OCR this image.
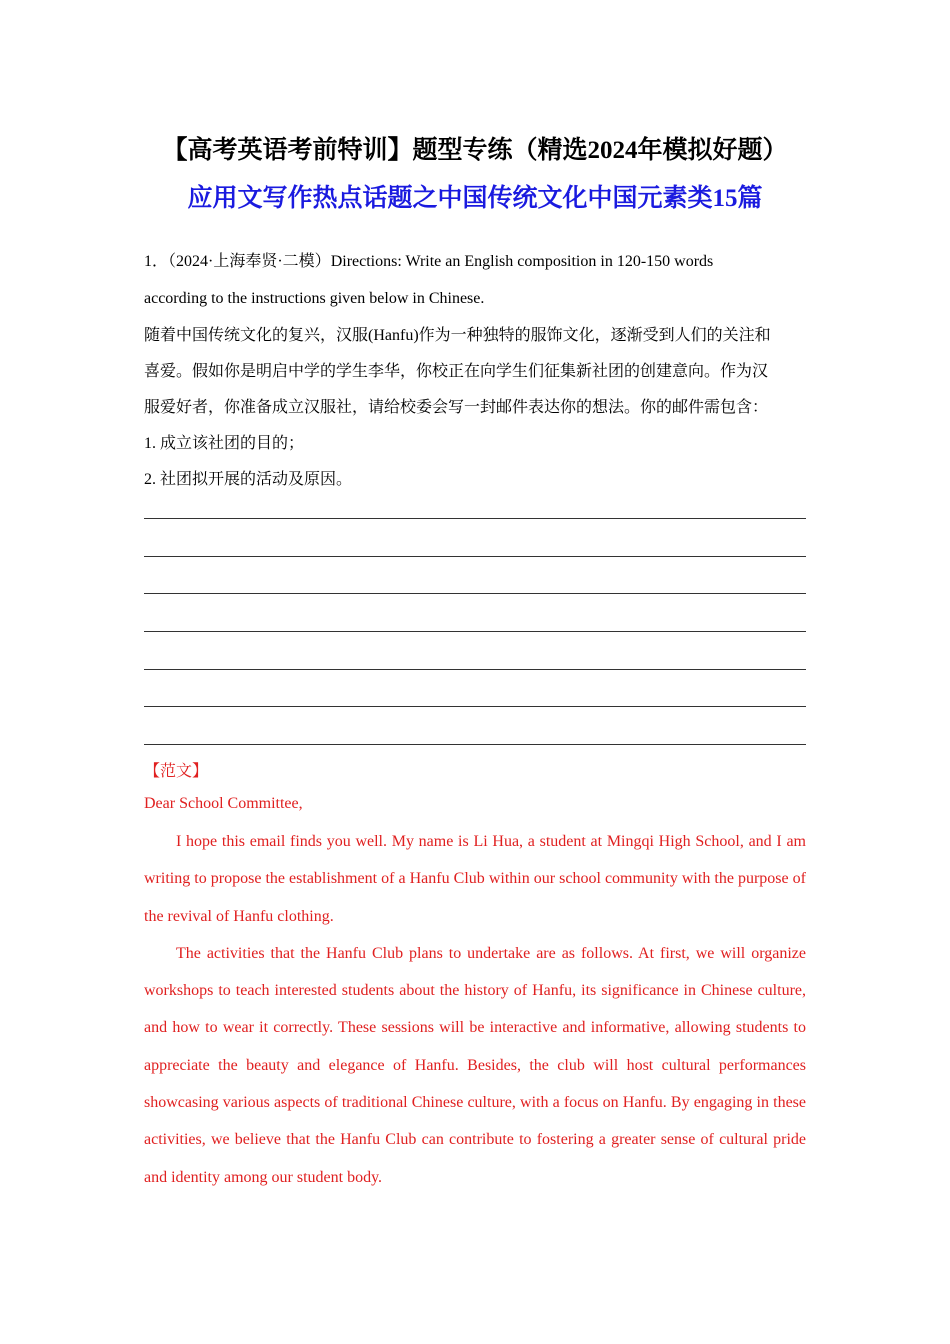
【高考英语考前特训】题型专练（精选2024年模拟好题）
应用文写作热点话题之中国传统文化中国元素类15篇
1．（2024·上海奉贤·二模）Directions: Write an English composition in 120-150 words
according to the instructions given below in Chinese.
随着中国传统文化的复兴，汉服(Hanfu)作为一种独特的服饰文化，逐渐受到人们的关注和
喜爱。假如你是明启中学的学生李华，你校正在向学生们征集新社团的创建意向。作为汉
服爱好者，你准备成立汉服社，请给校委会写一封邮件表达你的想法。你的邮件需包含：
1. 成立该社团的目的；
2. 社团拟开展的活动及原因。
【范文】
Dear School Committee,

I hope this email finds you well. My name is Li Hua, a student at Mingqi High School, and I am writing to propose the establishment of a Hanfu Club within our school community with the purpose of the revival of Hanfu clothing.

The activities that the Hanfu Club plans to undertake are as follows. At first, we will organize workshops to teach interested students about the history of Hanfu, its significance in Chinese culture, and how to wear it correctly. These sessions will be interactive and informative, allowing students to appreciate the beauty and elegance of Hanfu. Besides, the club will host cultural performances showcasing various aspects of traditional Chinese culture, with a focus on Hanfu. By engaging in these activities, we believe that the Hanfu Club can contribute to fostering a greater sense of cultural pride and identity among our student body.
